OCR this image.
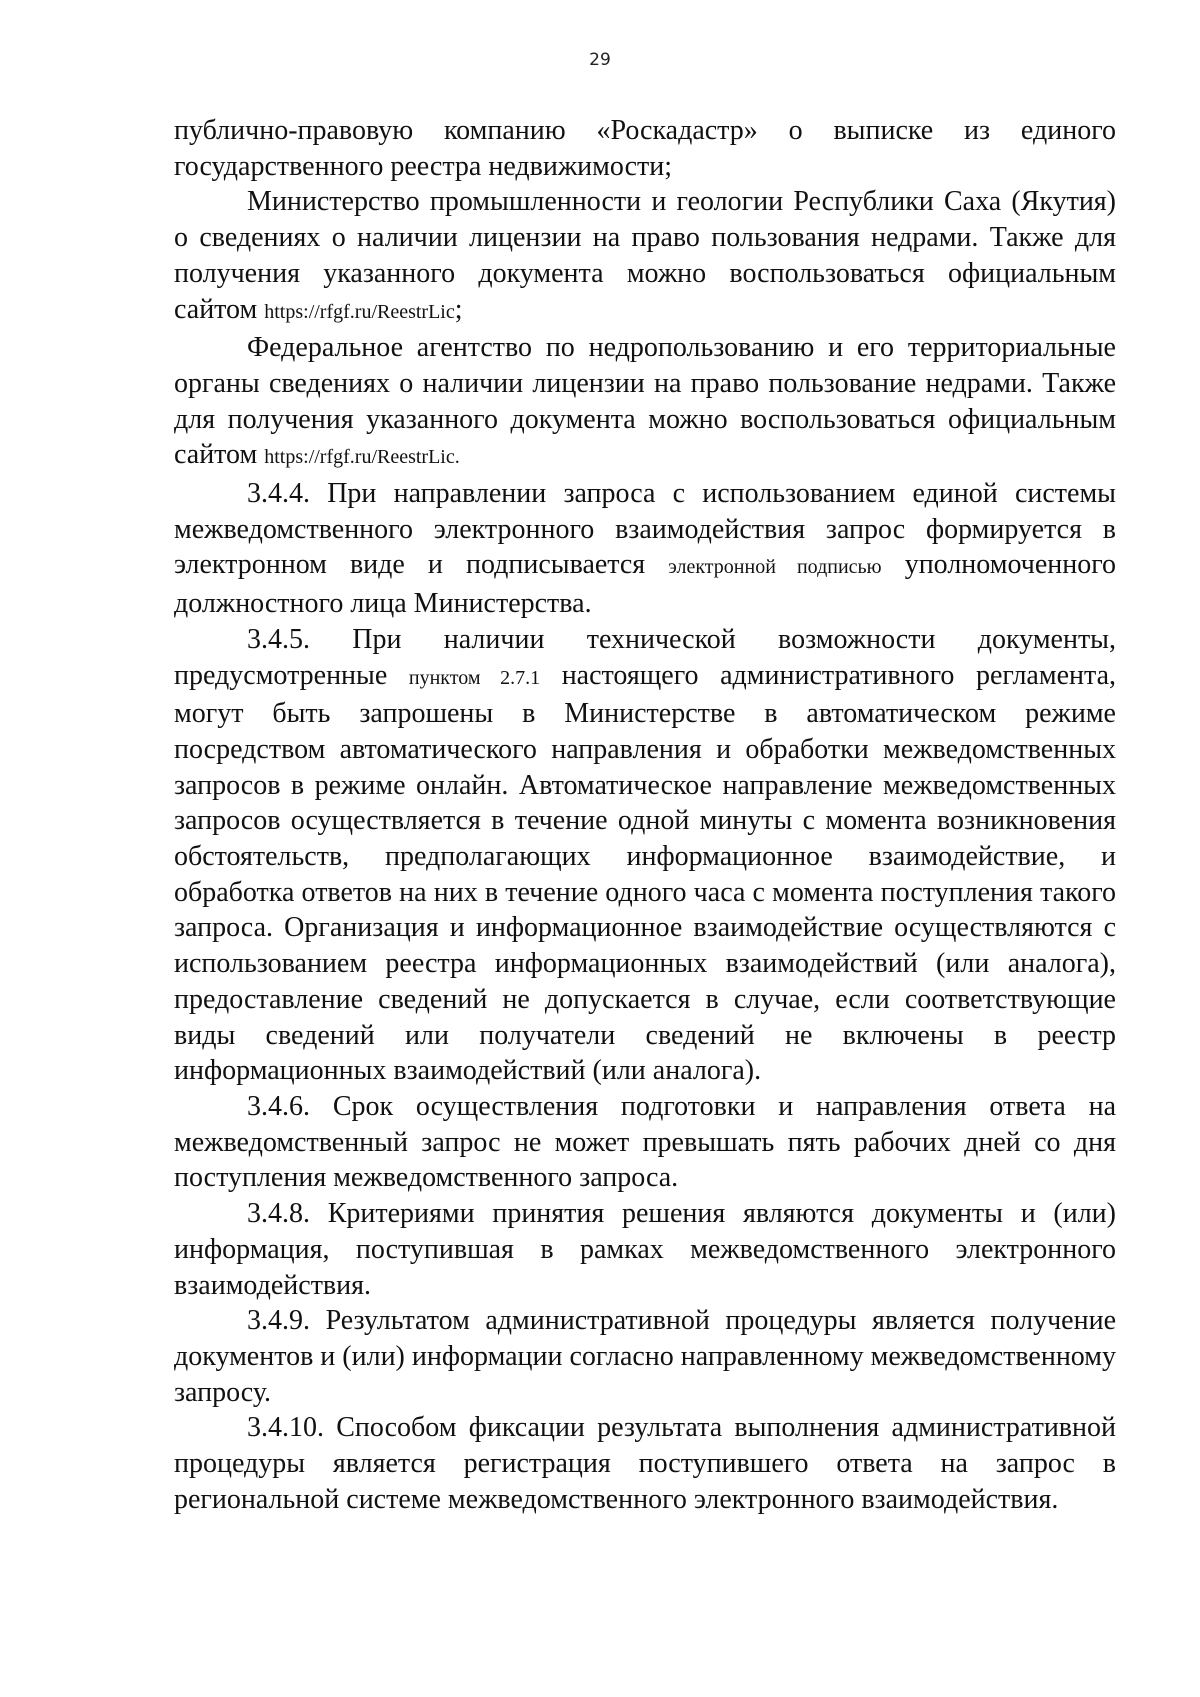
29

публично-правовую компанию «Роскадастр» о выписке из единого государственного реестра недвижимости;

Министерство промышленности и геологии Республики Саха (Якутия) о сведениях о наличии лицензии на право пользования недрами. Также для получения указанного документа можно воспользоваться официальным сайтом https://rfgf.ru/ReestrLic;

Федеральное агентство по недропользованию и его территориальные органы сведениях о наличии лицензии на право пользование недрами. Также для получения указанного документа можно воспользоваться официальным сайтом https://rfgf.ru/ReestrLic.

3.4.4. При направлении запроса с использованием единой системы межведомственного электронного взаимодействия запрос формируется в электронном виде и подписывается электронной подписью уполномоченного должностного лица Министерства.

3.4.5. При наличии технической возможности документы, предусмотренные пунктом 2.7.1 настоящего административного регламента, могут быть запрошены в Министерстве в автоматическом режиме посредством автоматического направления и обработки межведомственных запросов в режиме онлайн. Автоматическое направление межведомственных запросов осуществляется в течение одной минуты с момента возникновения обстоятельств, предполагающих информационное взаимодействие, и обработка ответов на них в течение одного часа с момента поступления такого запроса. Организация и информационное взаимодействие осуществляются с использованием реестра информационных взаимодействий (или аналога), предоставление сведений не допускается в случае, если соответствующие виды сведений или получатели сведений не включены в реестр информационных взаимодействий (или аналога).

3.4.6. Срок осуществления подготовки и направления ответа на межведомственный запрос не может превышать пять рабочих дней со дня поступления межведомственного запроса.

3.4.8. Критериями принятия решения являются документы и (или) информация, поступившая в рамках межведомственного электронного взаимодействия.

3.4.9. Результатом административной процедуры является получение документов и (или) информации согласно направленному межведомственному запросу.

3.4.10. Способом фиксации результата выполнения административной процедуры является регистрация поступившего ответа на запрос в региональной системе межведомственного электронного взаимодействия.
